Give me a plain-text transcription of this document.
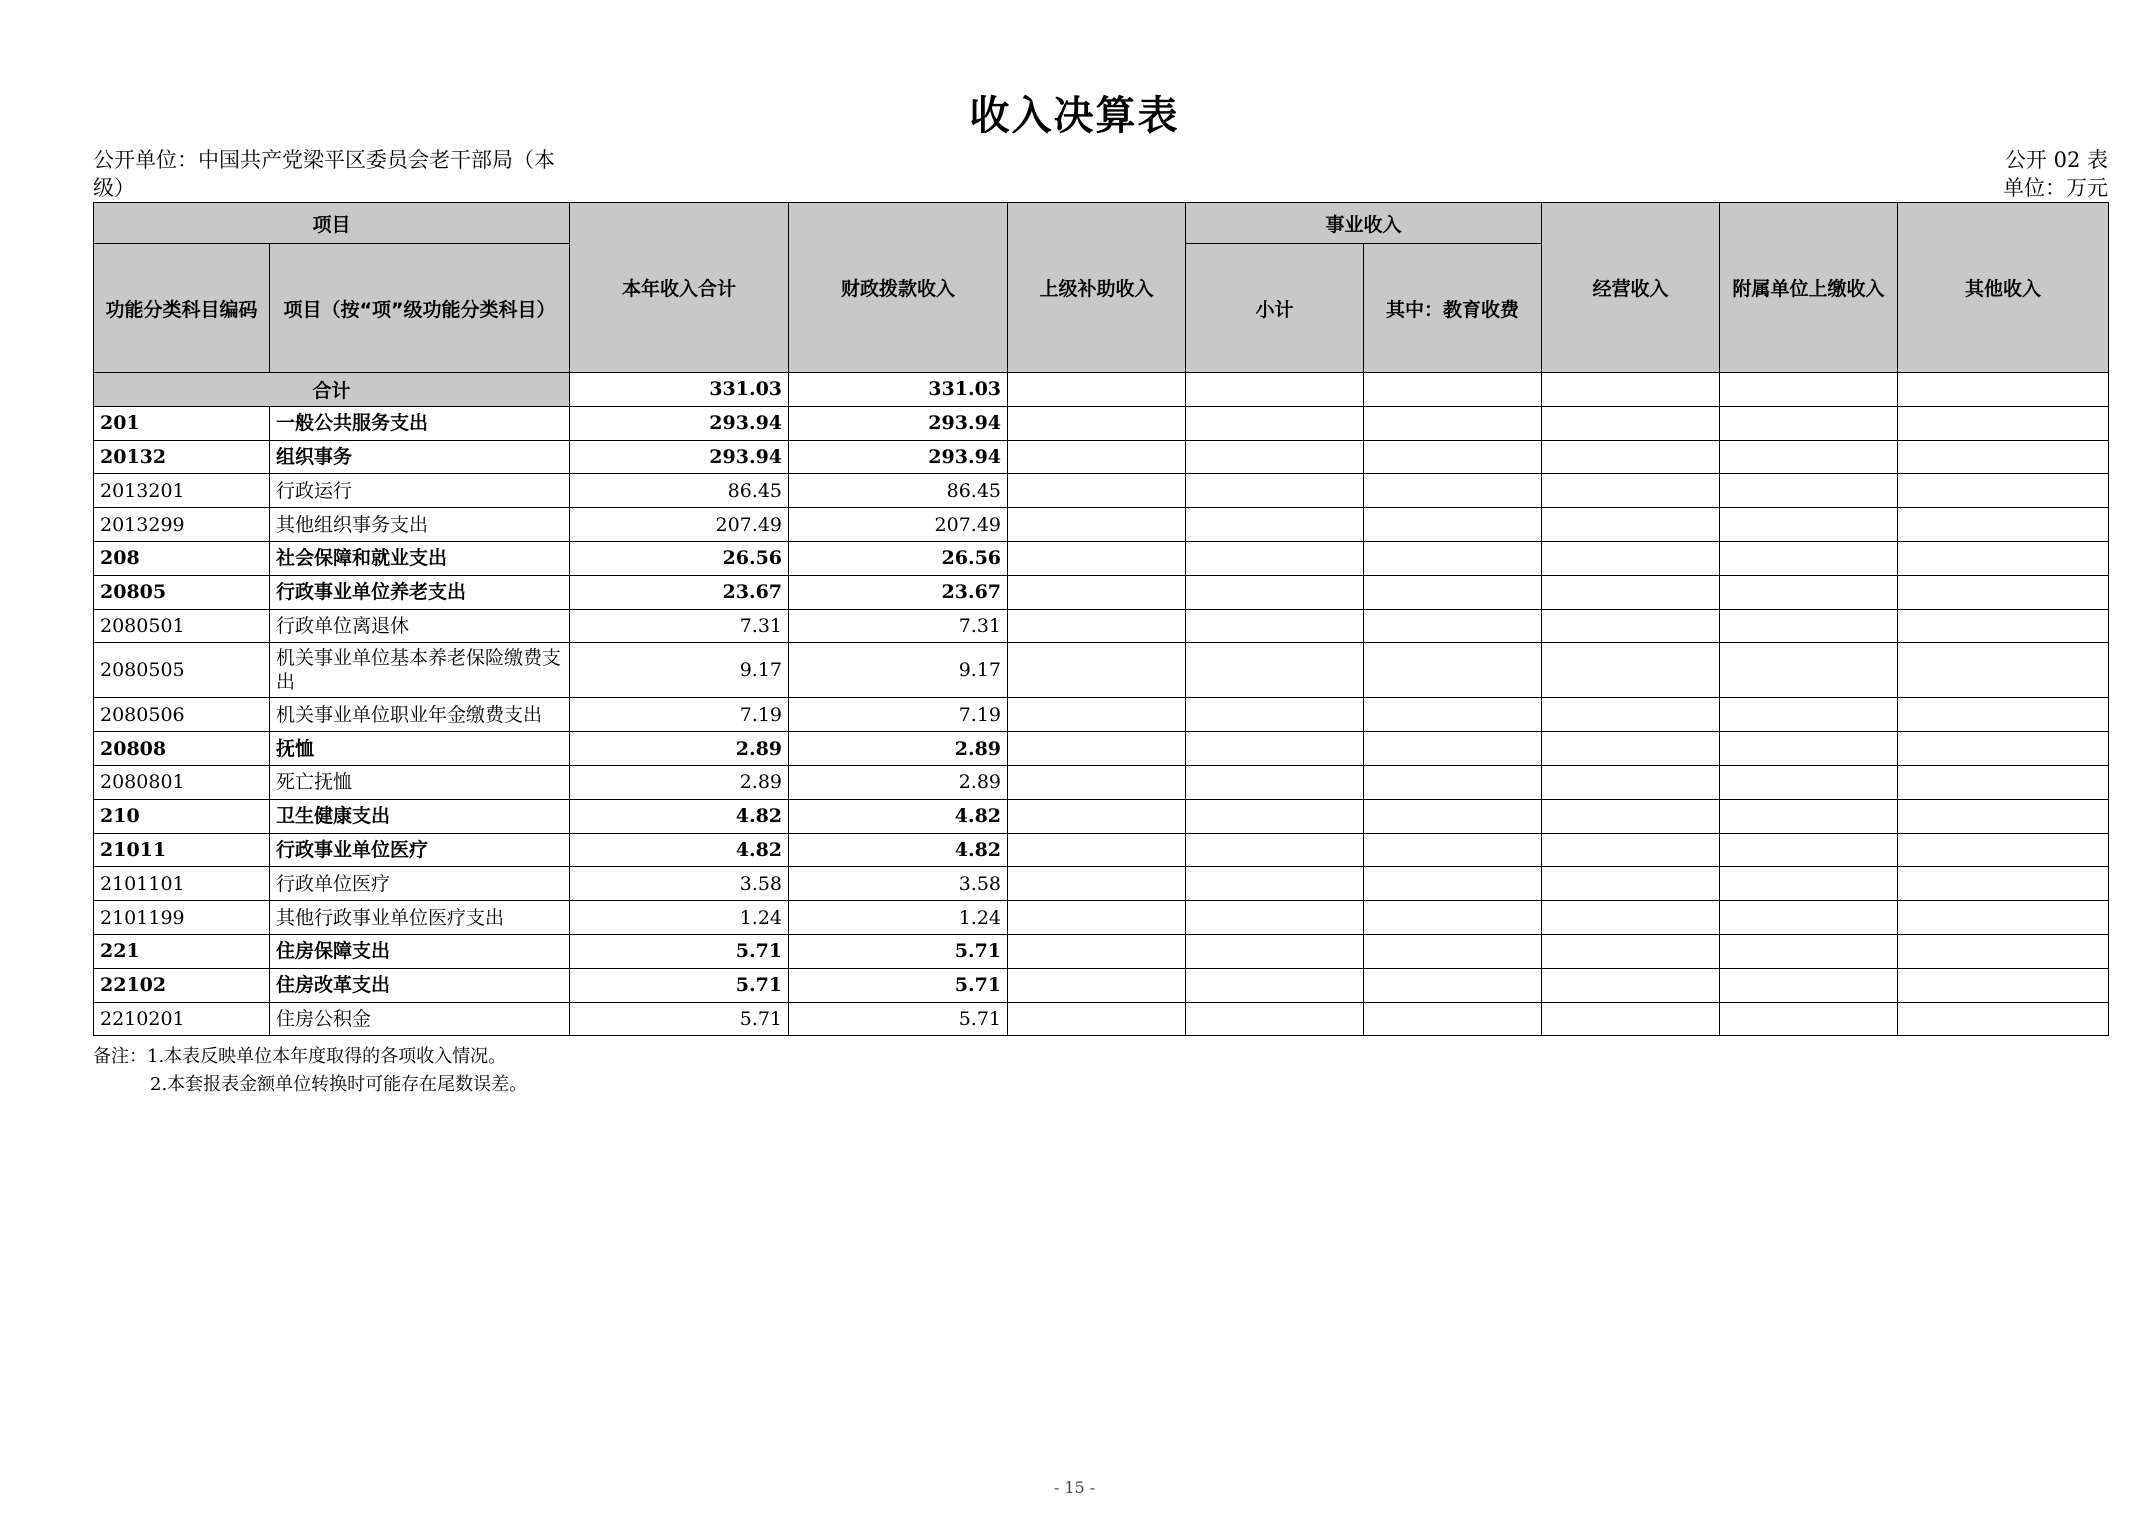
收入决算表
公开单位：中国共产党梁平区委员会老干部局（本级）
公开 02 表
单位：万元
项目		本年收入合计	财政拨款收入	上级补助收入	事业收入		经营收入	附属单位上缴收入	其他收入
功能分类科目编码	项目（按“项”级功能分类科目）				小计	其中：教育收费			
合计		331.03	331.03						
201	一般公共服务支出	293.94	293.94						
20132	组织事务	293.94	293.94						
2013201	行政运行	86.45	86.45						
2013299	其他组织事务支出	207.49	207.49						
208	社会保障和就业支出	26.56	26.56						
20805	行政事业单位养老支出	23.67	23.67						
2080501	行政单位离退休	7.31	7.31						
2080505	机关事业单位基本养老保险缴费支出	9.17	9.17						
2080506	机关事业单位职业年金缴费支出	7.19	7.19						
20808	抚恤	2.89	2.89						
2080801	死亡抚恤	2.89	2.89						
210	卫生健康支出	4.82	4.82						
21011	行政事业单位医疗	4.82	4.82						
2101101	行政单位医疗	3.58	3.58						
2101199	其他行政事业单位医疗支出	1.24	1.24						
221	住房保障支出	5.71	5.71						
22102	住房改革支出	5.71	5.71						
2210201	住房公积金	5.71	5.71						
备注：1.本表反映单位本年度取得的各项收入情况。
2.本套报表金额单位转换时可能存在尾数误差。
- 15 -
